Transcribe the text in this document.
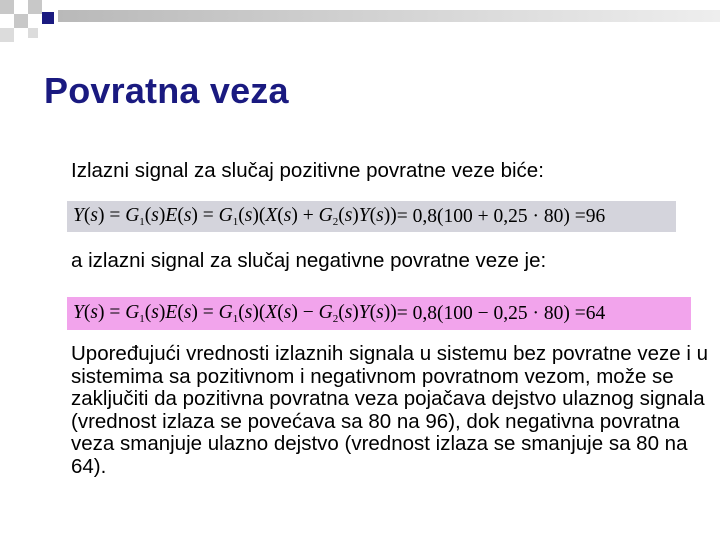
Povratna veza

Izlazni signal za slučaj pozitivne povratne veze biće:

$Y(s) = G_1(s)E(s) = G_1(s)(X(s) + G_2(s)Y(s)) = 0,8(100 + 0,25 \cdot 80) = 96$

a izlazni signal za slučaj negativne povratne veze je:

$Y(s) = G_1(s)E(s) = G_1(s)(X(s) - G_2(s)Y(s)) = 0,8(100 - 0,25 \cdot 80) = 64$

Upoređujući vrednosti izlaznih signala u sistemu bez povratne veze i u sistemima sa pozitivnom i negativnom povratnom vezom, može se zaključiti da pozitivna povratna veza pojačava dejstvo ulaznog signala (vrednost izlaza se povećava sa 80 na 96), dok negativna povratna veza smanjuje ulazno dejstvo (vrednost izlaza se smanjuje sa 80 na 64).
